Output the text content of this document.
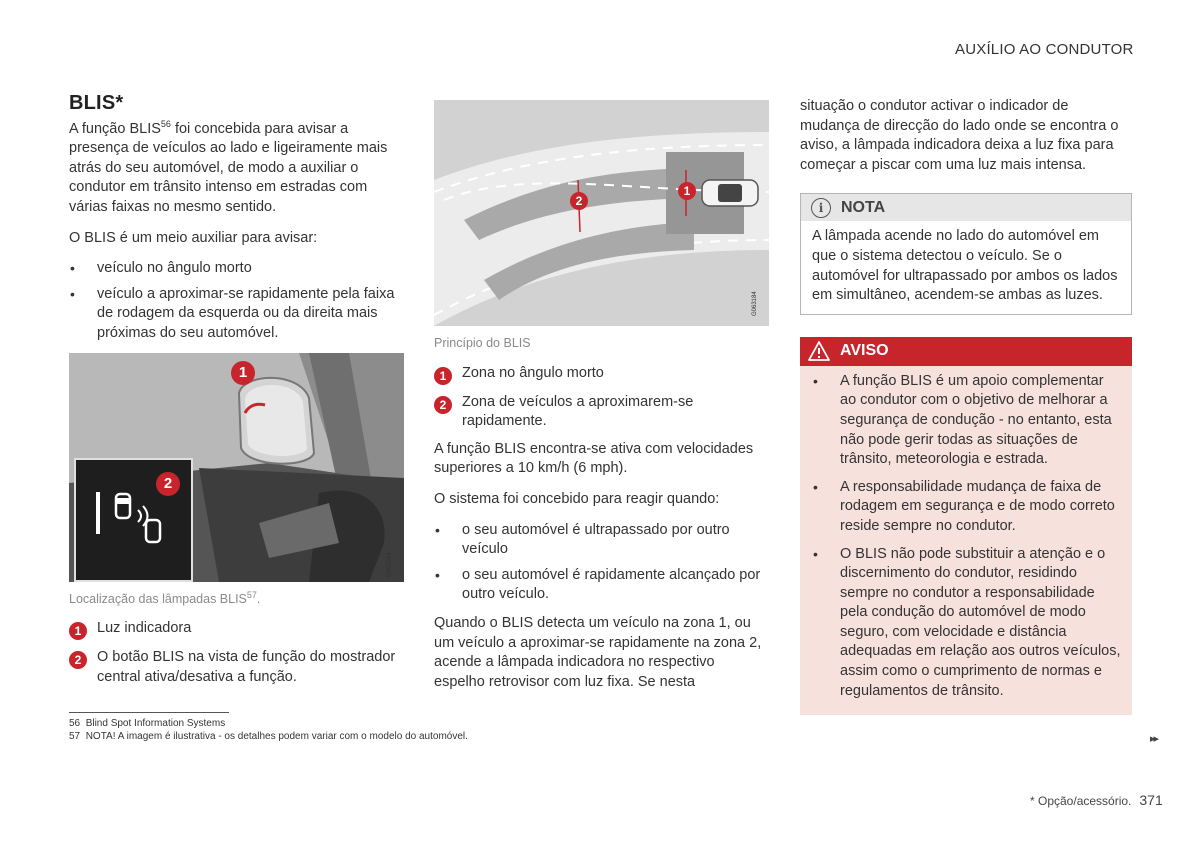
AUXÍLIO AO CONDUTOR
BLIS*

A função BLIS$^{56}$ foi concebida para avisar a presença de veículos ao lado e ligeiramente mais atrás do seu automóvel, de modo a auxiliar o condutor em trânsito intenso em estradas com várias faixas no mesmo sentido.

O BLIS é um meio auxiliar para avisar:

• veículo no ângulo morto
• veículo a aproximar-se rapidamente pela faixa de rodagem da esquerda ou da direita mais próximas do seu automóvel.
1
2
G063284
Localização das lâmpadas BLIS$^{57}$.
1	Luz indicadora
2	O botão BLIS na vista de função do mostrador central ativa/desativa a função.
1
2
G063184
Princípio do BLIS
1	Zona no ângulo morto
2	Zona de veículos a aproximarem-se rapidamente.

A função BLIS encontra-se ativa com velocidades superiores a 10 km/h (6 mph).

O sistema foi concebido para reagir quando:

• o seu automóvel é ultrapassado por outro veículo
• o seu automóvel é rapidamente alcançado por outro veículo.

Quando o BLIS detecta um veículo na zona 1, ou um veículo a aproximar-se rapidamente na zona 2, acende a lâmpada indicadora no respectivo espelho retrovisor com luz fixa. Se nesta

situação o condutor activar o indicador de mudança de direcção do lado onde se encontra o aviso, a lâmpada indicadora deixa a luz fixa para começar a piscar com uma luz mais intensa.

i	NOTA
A lâmpada acende no lado do automóvel em que o sistema detectou o veículo. Se o automóvel for ultrapassado por ambos os lados em simultâneo, acendem-se ambas as luzes.
AVISO
• A função BLIS é um apoio complementar ao condutor com o objetivo de melhorar a segurança de condução - no entanto, esta não pode gerir todas as situações de trânsito, meteorologia e estrada.
• A responsabilidade mudança de faixa de rodagem em segurança e de modo correto reside sempre no condutor.
• O BLIS não pode substituir a atenção e o discernimento do condutor, residindo sempre no condutor a responsabilidade pela condução do automóvel de modo seguro, com velocidade e distância adequadas em relação aos outros veículos, assim como o cumprimento de normas e regulamentos de trânsito.
56 Blind Spot Information Systems
57 NOTA! A imagem é ilustrativa - os detalhes podem variar com o modelo do automóvel.	▸▸
* Opção/acessório. 371
